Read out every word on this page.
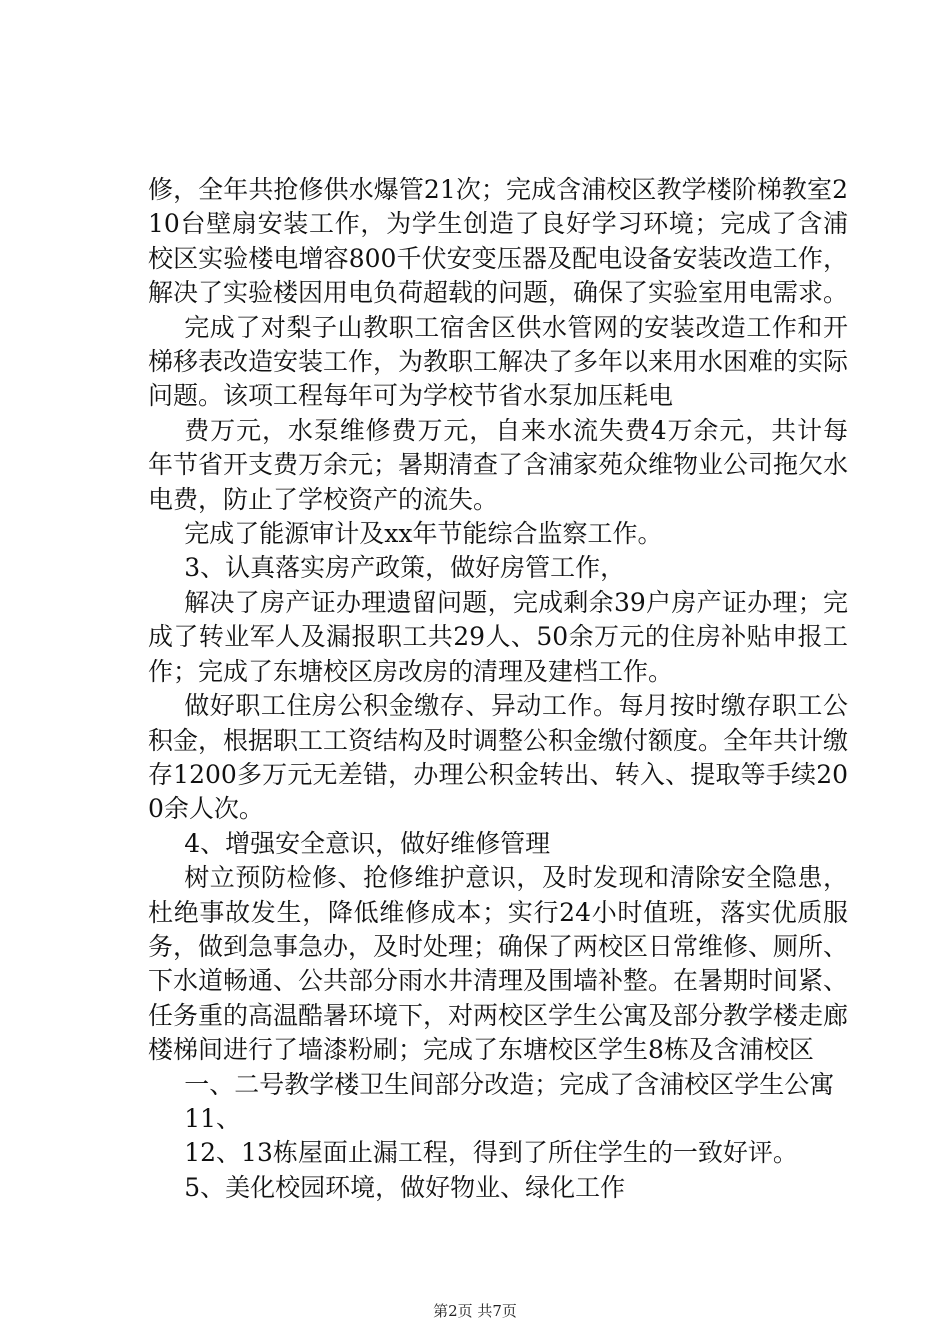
修，全年共抢修供水爆管21次；完成含浦校区教学楼阶梯教室210台壁扇安装工作，为学生创造了良好学习环境；完成了含浦校区实验楼电增容800千伏安变压器及配电设备安装改造工作，解决了实验楼因用电负荷超载的问题，确保了实验室用电需求。

完成了对梨子山教职工宿舍区供水管网的安装改造工作和开梯移表改造安装工作，为教职工解决了多年以来用水困难的实际问题。该项工程每年可为学校节省水泵加压耗电

费万元，水泵维修费万元，自来水流失费4万余元，共计每年节省开支费万余元；暑期清查了含浦家苑众维物业公司拖欠水电费，防止了学校资产的流失。

完成了能源审计及xx年节能综合监察工作。

3、认真落实房产政策，做好房管工作，

解决了房产证办理遗留问题，完成剩余39户房产证办理；完成了转业军人及漏报职工共29人、50余万元的住房补贴申报工作；完成了东塘校区房改房的清理及建档工作。

做好职工住房公积金缴存、异动工作。每月按时缴存职工公积金，根据职工工资结构及时调整公积金缴付额度。全年共计缴存1200多万元无差错，办理公积金转出、转入、提取等手续200余人次。

4、增强安全意识，做好维修管理

树立预防检修、抢修维护意识，及时发现和清除安全隐患，杜绝事故发生，降低维修成本；实行24小时值班，落实优质服务，做到急事急办，及时处理；确保了两校区日常维修、厕所、下水道畅通、公共部分雨水井清理及围墙补整。在暑期时间紧、任务重的高温酷暑环境下，对两校区学生公寓及部分教学楼走廊楼梯间进行了墙漆粉刷；完成了东塘校区学生8栋及含浦校区

一、二号教学楼卫生间部分改造；完成了含浦校区学生公寓

11、

12、13栋屋面止漏工程，得到了所住学生的一致好评。

5、美化校园环境，做好物业、绿化工作

第2页 共7页
